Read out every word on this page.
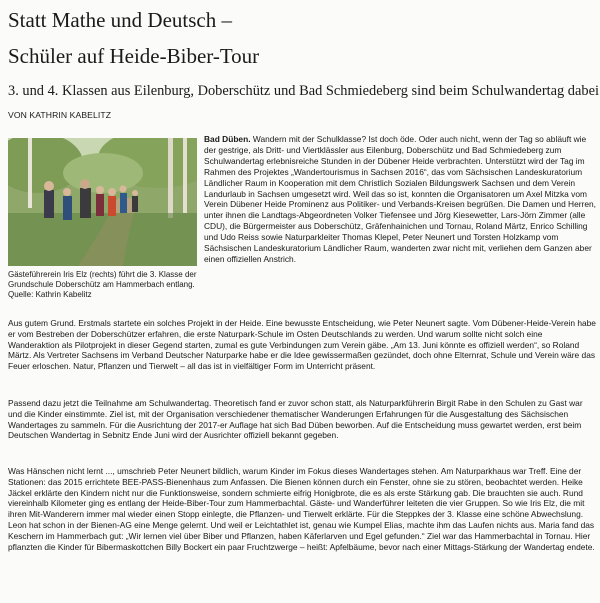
Statt Mathe und Deutsch –
Schüler auf Heide-Biber-Tour

3. und 4. Klassen aus Eilenburg, Doberschütz und Bad Schmiedeberg sind beim Schulwandertag dabei

VON KATHRIN KABELITZ

Gästeführerein Iris Elz (rechts) führt die 3. Klasse der Grundschule Doberschütz am Hammerbach entlang. Quelle: Kathrin Kabelitz

Bad Düben. Wandern mit der Schulklasse? Ist doch öde. Oder auch nicht, wenn der Tag so abläuft wie der gestrige, als Dritt- und Viertklässler aus Eilenburg, Doberschütz und Bad Schmiedeberg zum Schulwandertag erlebnisreiche Stunden in der Dübener Heide verbrachten. Unterstützt wird der Tag im Rahmen des Projektes „Wandertourismus in Sachsen 2016“, das vom Sächsischen Landeskuratorium Ländlicher Raum in Kooperation mit dem Christlich Sozialen Bildungswerk Sachsen und dem Verein Landurlaub in Sachsen umgesetzt wird. Weil das so ist, konnten die Organisatoren um Axel Mitzka vom Verein Dübener Heide Prominenz aus Politiker- und Verbands-Kreisen begrüßen. Die Damen und Herren, unter ihnen die Landtags-Abgeordneten Volker Tiefensee und Jörg Kiesewetter, Lars-Jörn Zimmer (alle CDU), die Bürgermeister aus Doberschütz, Gräfenhainichen und Tornau, Roland Märtz, Enrico Schilling und Udo Reiss sowie Naturparkleiter Thomas Klepel, Peter Neunert und Torsten Holzkamp vom Sächsischen Landeskuratorium Ländlicher Raum, wanderten zwar nicht mit, verliehen dem Ganzen aber einen offiziellen Anstrich.

Aus gutem Grund. Erstmals startete ein solches Projekt in der Heide. Eine bewusste Entscheidung, wie Peter Neunert sagte. Vom Dübener-Heide-Verein habe er vom Bestreben der Doberschützer erfahren, die erste Naturpark-Schule im Osten Deutschlands zu werden. Und warum sollte nicht solch eine Wanderaktion als Pilotprojekt in dieser Gegend starten, zumal es gute Verbindungen zum Verein gäbe. „Am 13. Juni könnte es offiziell werden“, so Roland Märtz. Als Vertreter Sachsens im Verband Deutscher Naturparke habe er die Idee gewissermaßen gezündet, doch ohne Elternrat, Schule und Verein wäre das Feuer erloschen. Natur, Pflanzen und Tierwelt – all das ist in vielfältiger Form im Unterricht präsent.

Passend dazu jetzt die Teilnahme am Schulwandertag. Theoretisch fand er zuvor schon statt, als Naturparkführerin Birgit Rabe in den Schulen zu Gast war und die Kinder einstimmte. Ziel ist, mit der Organisation verschiedener thematischer Wanderungen Erfahrungen für die Ausgestaltung des Sächsischen Wandertages zu sammeln. Für die Ausrichtung der 2017-er Auflage hat sich Bad Düben beworben. Auf die Entscheidung muss gewartet werden, erst beim Deutschen Wandertag in Sebnitz Ende Juni wird der Ausrichter offiziell bekannt gegeben.

Was Hänschen nicht lernt ..., umschrieb Peter Neunert bildlich, warum Kinder im Fokus dieses Wandertages stehen. Am Naturparkhaus war Treff. Eine der Stationen: das 2015 errichtete BEE-PASS-Bienenhaus zum Anfassen. Die Bienen können durch ein Fenster, ohne sie zu stören, beobachtet werden. Heike Jäckel erklärte den Kindern nicht nur die Funktionsweise, sondern schmierte eifrig Honigbrote, die es als erste Stärkung gab. Die brauchten sie auch. Rund viereinhalb Kilometer ging es entlang der Heide-Biber-Tour zum Hammerbachtal. Gäste- und Wanderführer leiteten die vier Gruppen. So wie Iris Elz, die mit ihren Mit-Wanderern immer mal wieder einen Stopp einlegte, die Pflanzen- und Tierwelt erklärte. Für die Steppkes der 3. Klasse eine schöne Abwechslung. Leon hat schon in der Bienen-AG eine Menge gelernt. Und weil er Leichtathlet ist, genau wie Kumpel Elias, machte ihm das Laufen nichts aus. Maria fand das Keschern im Hammerbach gut: „Wir lernen viel über Biber und Pflanzen, haben Käferlarven und Egel gefunden.“ Ziel war das Hammerbachtal in Tornau. Hier pflanzten die Kinder für Bibermaskottchen Billy Bockert ein paar Fruchtzwerge – heißt: Apfelbäume, bevor nach einer Mittags-Stärkung der Wandertag endete.
